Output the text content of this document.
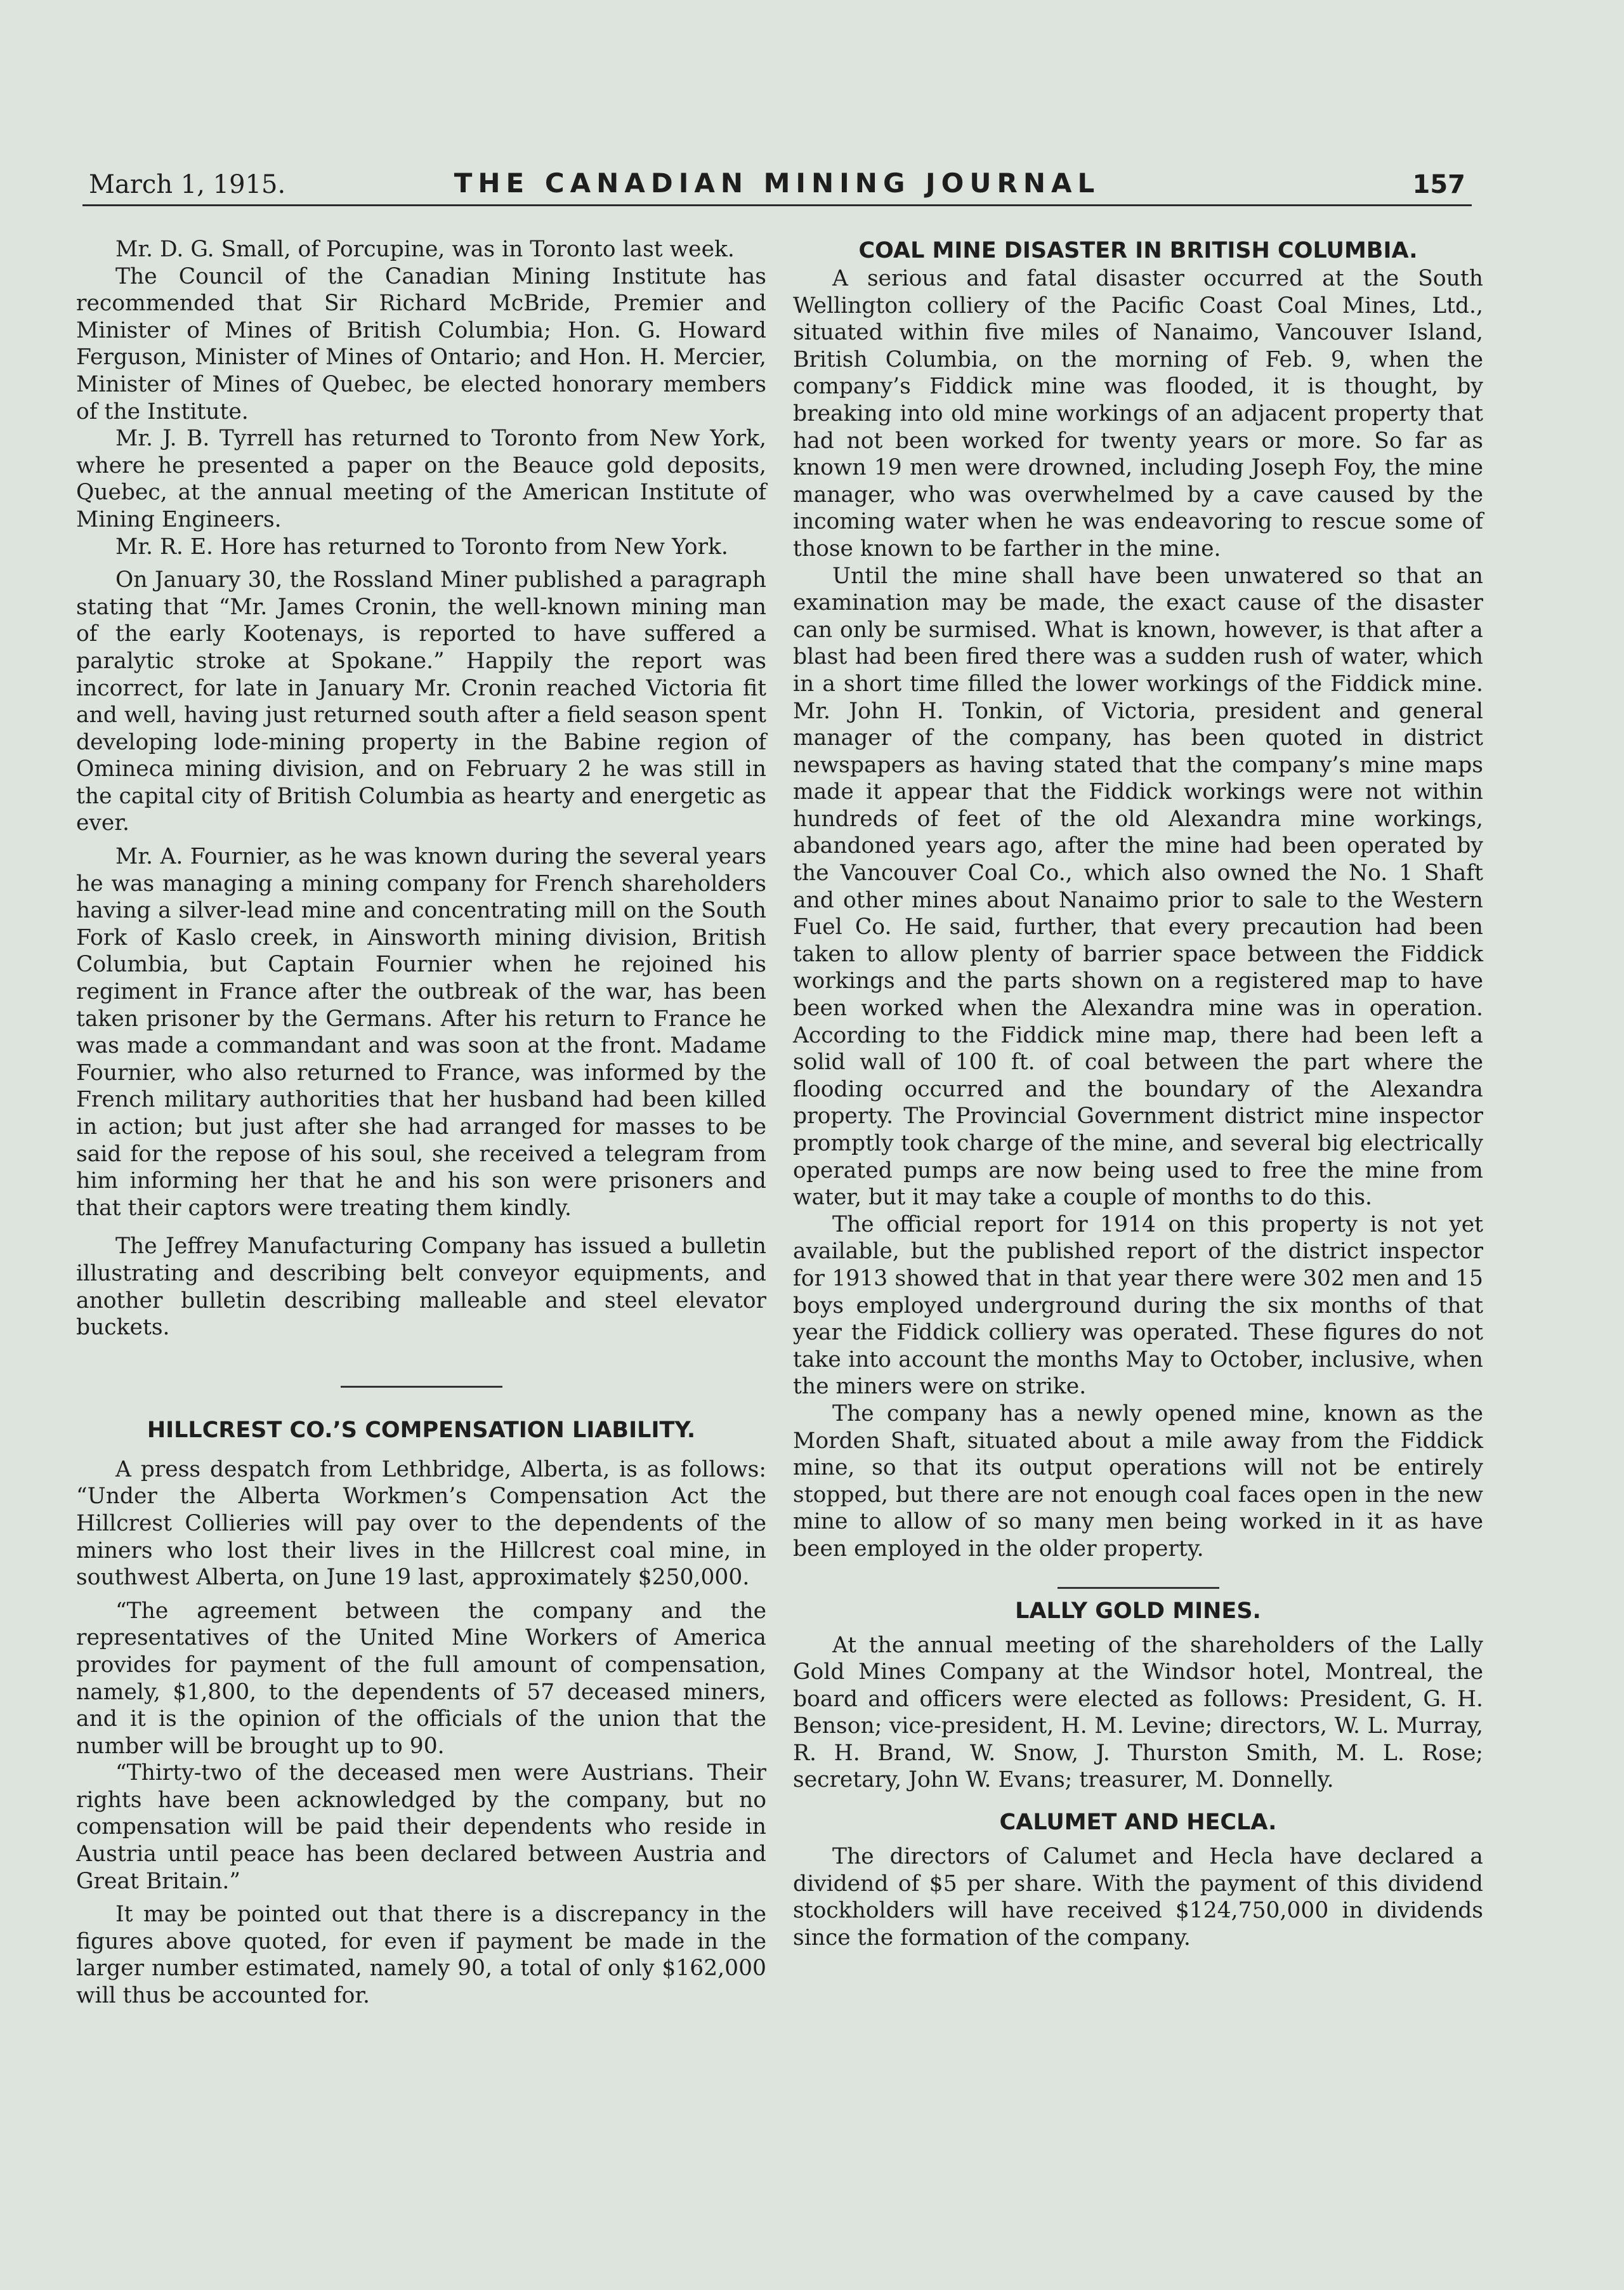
March 1, 1915.	THE CANADIAN MINING JOURNAL	157

Mr. D. G. Small, of Porcupine, was in Toronto last week.

The Council of the Canadian Mining Institute has recommended that Sir Richard McBride, Premier and Minister of Mines of British Columbia; Hon. G. Howard Ferguson, Minister of Mines of Ontario; and Hon. H. Mercier, Minister of Mines of Quebec, be elected honorary members of the Institute.

Mr. J. B. Tyrrell has returned to Toronto from New York, where he presented a paper on the Beauce gold deposits, Quebec, at the annual meeting of the American Institute of Mining Engineers.

Mr. R. E. Hore has returned to Toronto from New York.

On January 30, the Rossland Miner published a paragraph stating that “Mr. James Cronin, the well-known mining man of the early Kootenays, is reported to have suffered a paralytic stroke at Spokane.” Happily the report was incorrect, for late in January Mr. Cronin reached Victoria fit and well, having just returned south after a field season spent developing lode-mining property in the Babine region of Omineca mining division, and on February 2 he was still in the capital city of British Columbia as hearty and energetic as ever.

Mr. A. Fournier, as he was known during the several years he was managing a mining company for French shareholders having a silver-lead mine and concentrating mill on the South Fork of Kaslo creek, in Ainsworth mining division, British Columbia, but Captain Fournier when he rejoined his regiment in France after the outbreak of the war, has been taken prisoner by the Germans. After his return to France he was made a commandant and was soon at the front. Madame Fournier, who also returned to France, was informed by the French military authorities that her husband had been killed in action; but just after she had arranged for masses to be said for the repose of his soul, she received a telegram from him informing her that he and his son were prisoners and that their captors were treating them kindly.

The Jeffrey Manufacturing Company has issued a bulletin illustrating and describing belt conveyor equipments, and another bulletin describing malleable and steel elevator buckets.

HILLCREST CO.’S COMPENSATION LIABILITY.

A press despatch from Lethbridge, Alberta, is as follows: “Under the Alberta Workmen’s Compensation Act the Hillcrest Collieries will pay over to the dependents of the miners who lost their lives in the Hillcrest coal mine, in southwest Alberta, on June 19 last, approximately $250,000.

“The agreement between the company and the representatives of the United Mine Workers of America provides for payment of the full amount of compensation, namely, $1,800, to the dependents of 57 deceased miners, and it is the opinion of the officials of the union that the number will be brought up to 90.

“Thirty-two of the deceased men were Austrians. Their rights have been acknowledged by the company, but no compensation will be paid their dependents who reside in Austria until peace has been declared between Austria and Great Britain.”

It may be pointed out that there is a discrepancy in the figures above quoted, for even if payment be made in the larger number estimated, namely 90, a total of only $162,000 will thus be accounted for.

COAL MINE DISASTER IN BRITISH COLUMBIA.

A serious and fatal disaster occurred at the South Wellington colliery of the Pacific Coast Coal Mines, Ltd., situated within five miles of Nanaimo, Vancouver Island, British Columbia, on the morning of Feb. 9, when the company’s Fiddick mine was flooded, it is thought, by breaking into old mine workings of an adjacent property that had not been worked for twenty years or more. So far as known 19 men were drowned, including Joseph Foy, the mine manager, who was overwhelmed by a cave caused by the incoming water when he was endeavoring to rescue some of those known to be farther in the mine.

Until the mine shall have been unwatered so that an examination may be made, the exact cause of the disaster can only be surmised. What is known, however, is that after a blast had been fired there was a sudden rush of water, which in a short time filled the lower workings of the Fiddick mine. Mr. John H. Tonkin, of Victoria, president and general manager of the company, has been quoted in district newspapers as having stated that the company’s mine maps made it appear that the Fiddick workings were not within hundreds of feet of the old Alexandra mine workings, abandoned years ago, after the mine had been operated by the Vancouver Coal Co., which also owned the No. 1 Shaft and other mines about Nanaimo prior to sale to the Western Fuel Co. He said, further, that every precaution had been taken to allow plenty of barrier space between the Fiddick workings and the parts shown on a registered map to have been worked when the Alexandra mine was in operation. According to the Fiddick mine map, there had been left a solid wall of 100 ft. of coal between the part where the flooding occurred and the boundary of the Alexandra property. The Provincial Government district mine inspector promptly took charge of the mine, and several big electrically operated pumps are now being used to free the mine from water, but it may take a couple of months to do this.

The official report for 1914 on this property is not yet available, but the published report of the district inspector for 1913 showed that in that year there were 302 men and 15 boys employed underground during the six months of that year the Fiddick colliery was operated. These figures do not take into account the months May to October, inclusive, when the miners were on strike.

The company has a newly opened mine, known as the Morden Shaft, situated about a mile away from the Fiddick mine, so that its output operations will not be entirely stopped, but there are not enough coal faces open in the new mine to allow of so many men being worked in it as have been employed in the older property.

LALLY GOLD MINES.

At the annual meeting of the shareholders of the Lally Gold Mines Company at the Windsor hotel, Montreal, the board and officers were elected as follows: President, G. H. Benson; vice-president, H. M. Levine; directors, W. L. Murray, R. H. Brand, W. Snow, J. Thurston Smith, M. L. Rose; secretary, John W. Evans; treasurer, M. Donnelly.

CALUMET AND HECLA.

The directors of Calumet and Hecla have declared a dividend of $5 per share. With the payment of this dividend stockholders will have received $124,750,000 in dividends since the formation of the company.
